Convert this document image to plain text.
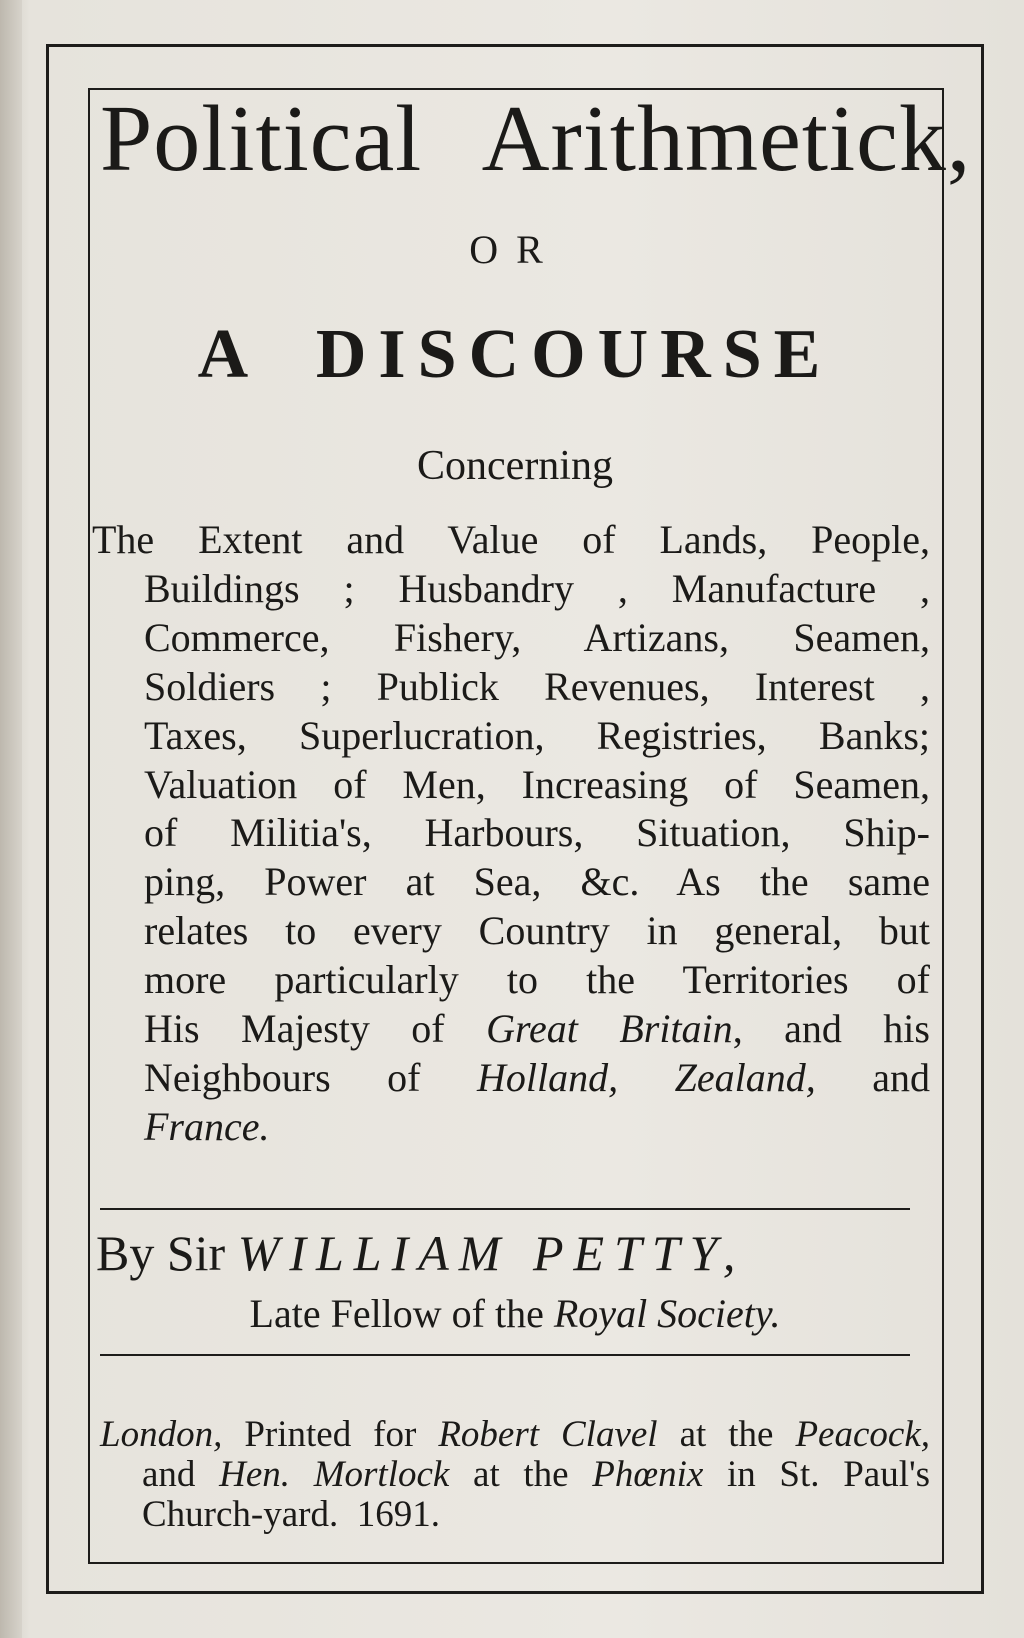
Political Arithmetick,
OR
A DISCOURSE
Concerning
The Extent and Value of Lands, People,
Buildings ; Husbandry , Manufacture ,
Commerce, Fishery, Artizans, Seamen,
Soldiers ; Publick Revenues, Interest ,
Taxes, Superlucration, Registries, Banks;
Valuation of Men, Increasing of Seamen,
of Militia's, Harbours, Situation, Ship-
ping, Power at Sea, &c. As the same
relates to every Country in general, but
more particularly to the Territories of
His Majesty of Great Britain, and his
Neighbours of Holland, Zealand, and
France.
By Sir WILLIAM PETTY,
Late Fellow of the Royal Society.
London, Printed for Robert Clavel at the Peacock,
and Hen. Mortlock at the Phœnix in St. Paul's
Church-yard. 1691.
